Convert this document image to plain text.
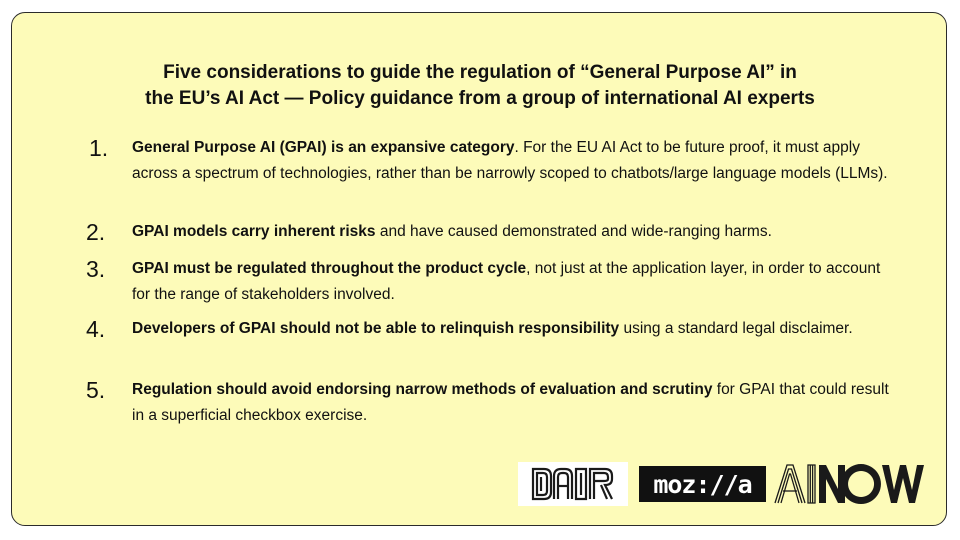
Five considerations to guide the regulation of “General Purpose AI” in
the EU’s AI Act — Policy guidance from a group of international AI experts
1. General Purpose AI (GPAI) is an expansive category. For the EU AI Act to be future proof, it must apply across a spectrum of technologies, rather than be narrowly scoped to chatbots/large language models (LLMs).
2. GPAI models carry inherent risks and have caused demonstrated and wide-ranging harms.
3. GPAI must be regulated throughout the product cycle, not just at the application layer, in order to account for the range of stakeholders involved.
4. Developers of GPAI should not be able to relinquish responsibility using a standard legal disclaimer.
5. Regulation should avoid endorsing narrow methods of evaluation and scrutiny for GPAI that could result in a superficial checkbox exercise.
moz://a
